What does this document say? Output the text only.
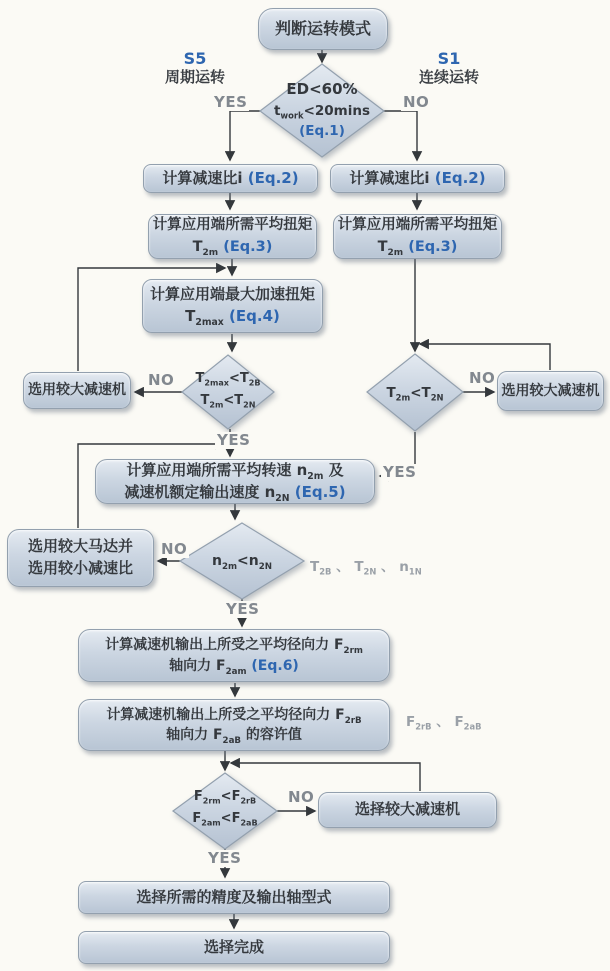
判断运转模式
S5
周期运转
S1
连续运转
ED<60%
$t_{work}<20\min s$
(Eq.1)
YES	NO
计算减速比i (Eq.2)	计算减速比i (Eq.2)
计算应用端所需平均扭矩
$T_{2m}$ (Eq.3)
计算应用端所需平均扭矩
$T_{2m}$ (Eq.3)
计算应用端最大加速扭矩
$T_{2max}$ (Eq.4)
$T_{2max}<T_{2B}$
$T_{2m}<T_{2N}$
$T_{2m}<T_{2N}$
NO
YES
NO
YES
选用较大减速机	选用较大减速机
计算应用端所需平均转速 $n_{2m}$ 及
减速机额定输出速度 $n_{2N}$ (Eq.5)
$n_{2m}<n_{2N}$
NO
YES
选用较大马达并
选用较小减速比	$T_{2B}$ 、 $T_{2N}$ 、 $n_{1N}$
计算减速机输出上所受之平均径向力 $F_{2rm}$
轴向力 $F_{2am}$ (Eq.6)
计算减速机输出上所受之平均径向力 $F_{2rB}$
轴向力 $F_{2aB}$ 的容许值
$F_{2rB}$ 、 $F_{2aB}$
$F_{2rm}<F_{2rB}$
$F_{2am}<F_{2aB}$
NO
YES
选择较大减速机
选择所需的精度及输出轴型式
选择完成
